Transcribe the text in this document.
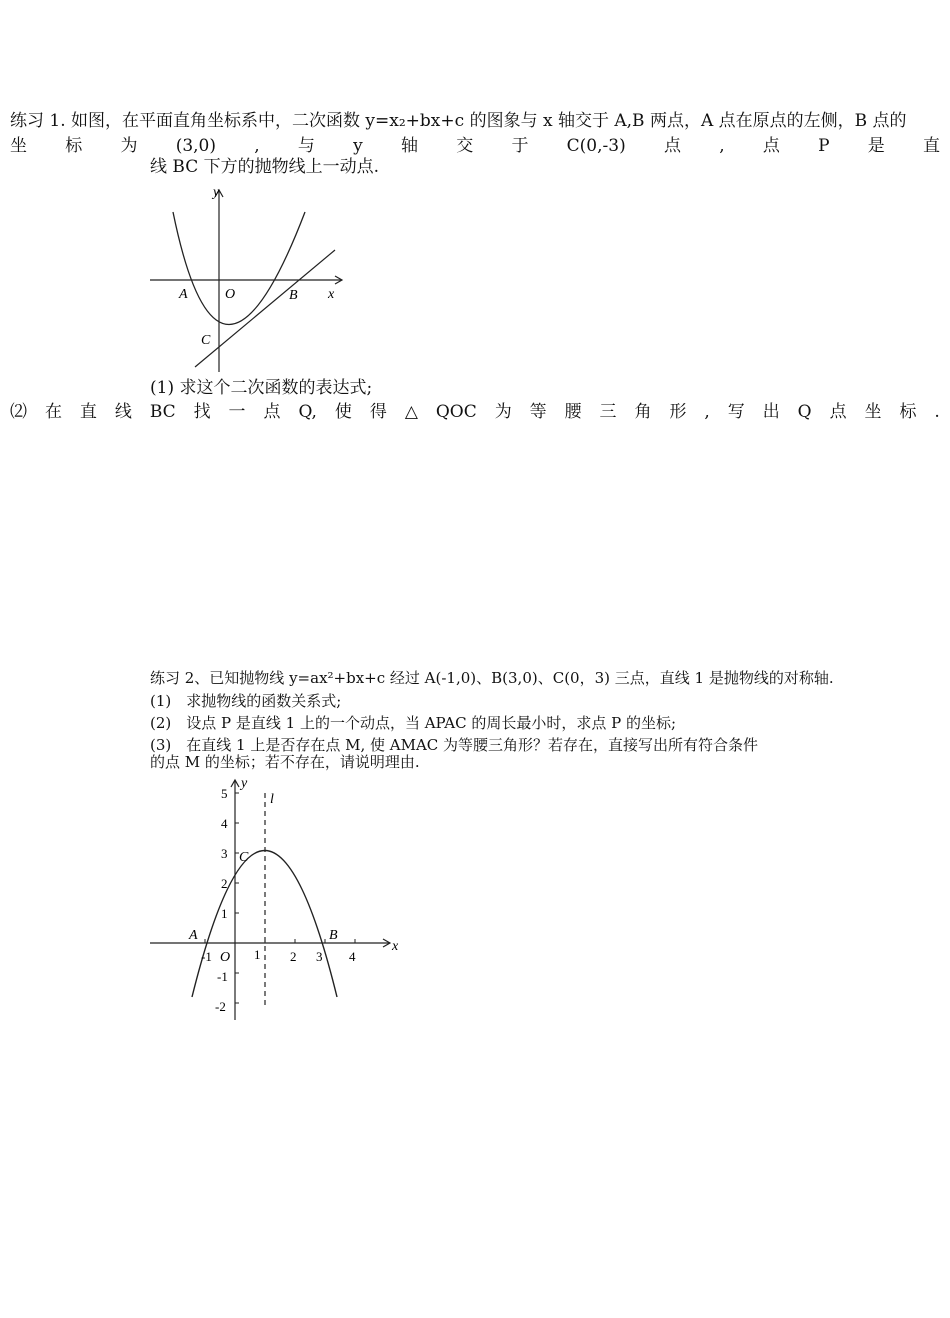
练习 1. 如图，在平面直角坐标系中，二次函数 y=x₂+bx+c 的图象与 x 轴交于 A,B 两点，A 点在原点的左侧，B 点的
坐 标 为 (3,0) , 与 y 轴 交 于 C(0,-3) 点 , 点 P 是 直
线 BC 下方的抛物线上一动点.
y
x
A	O	B
C
(1) 求这个二次函数的表达式;
⑵ 在 直 线 BC 找 一 点 Q, 使 得 △ QOC 为 等 腰 三 角 形 , 写 出 Q 点 坐 标 .
练习 2、已知抛物线 y=ax²+bx+c 经过 A(-1,0)、B(3,0)、C(0，3) 三点，直线 1 是抛物线的对称轴.
(1)　求抛物线的函数关系式;
(2)　设点 P 是直线 1 上的一个动点，当 APAC 的周长最小时，求点 P 的坐标;
(3)　在直线 1 上是否存在点 M, 使 AMAC 为等腰三角形？若存在，直接写出所有符合条件
的点 M 的坐标；若不存在，请说明理由.
y
x
l
A	B
C
O
-1	1 2 3 4
5
4
3
2
1
-1
-2
